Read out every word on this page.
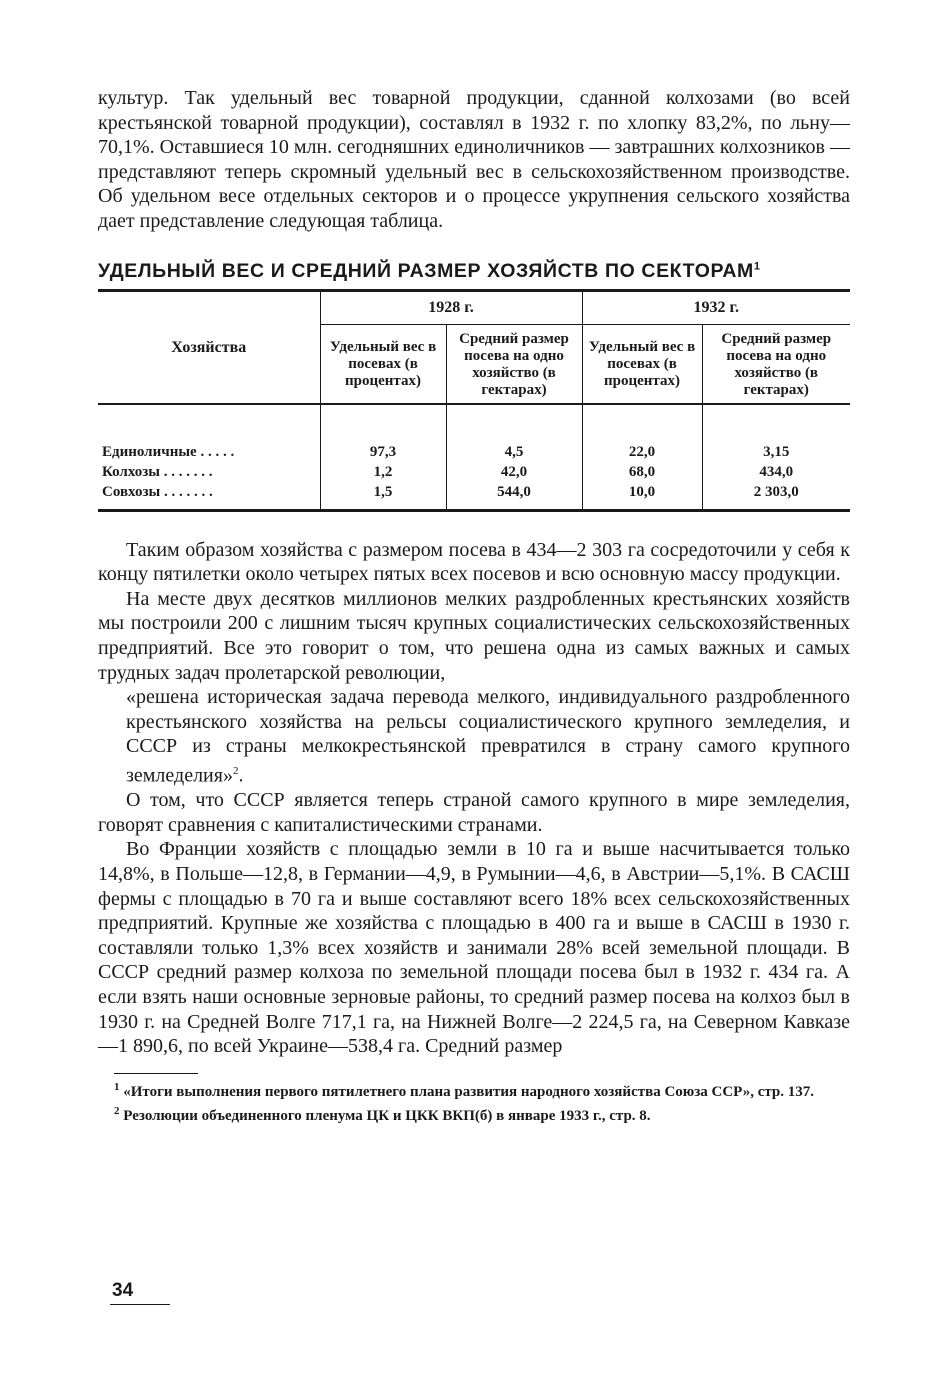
культур. Так удельный вес товарной продукции, сданной колхозами (во всей крестьянской товарной продукции), составлял в 1932 г. по хлопку 83,2%, по льну—70,1%. Оставшиеся 10 млн. сегодняшних единоличников — завтрашних колхозников — представляют теперь скромный удельный вес в сельскохозяйственном производстве. Об удельном весе отдельных секторов и о процессе укрупнения сельского хозяйства дает представление следующая таблица.

УДЕЛЬНЫЙ ВЕС И СРЕДНИЙ РАЗМЕР ХОЗЯЙСТВ ПО СЕКТОРАМ$^1$

Хозяйства	1928 г.		1932 г.	
	Удельный вес в посевах (в процентах)	Средний размер посева на одно хозяйство (в гектарах)	Удельный вес в посевах (в процентах)	Средний размер посева на одно хозяйство (в гектарах)

Единоличные . . . . .	97,3	4,5	22,0	3,15
Колхозы . . . . . . .	1,2	42,0	68,0	434,0
Совхозы . . . . . . .	1,5	544,0	10,0	2 303,0

Таким образом хозяйства с размером посева в 434—2 303 га сосредоточили у себя к концу пятилетки около четырех пятых всех посевов и всю основную массу продукции.

На месте двух десятков миллионов мелких раздробленных крестьянских хозяйств мы построили 200 с лишним тысяч крупных социалистических сельскохозяйственных предприятий. Все это говорит о том, что решена одна из самых важных и самых трудных задач пролетарской революции,

«решена историческая задача перевода мелкого, индивидуального раздробленного крестьянского хозяйства на рельсы социалистического крупного земледелия, и СССР из страны мелкокрестьянской превратился в страну самого крупного земледелия»$^2$.

О том, что СССР является теперь страной самого крупного в мире земледелия, говорят сравнения с капиталистическими странами.

Во Франции хозяйств с площадью земли в 10 га и выше насчитывается только 14,8%, в Польше—12,8, в Германии—4,9, в Румынии—4,6, в Австрии—5,1%. В САСШ фермы с площадью в 70 га и выше составляют всего 18% всех сельскохозяйственных предприятий. Крупные же хозяйства с площадью в 400 га и выше в САСШ в 1930 г. составляли только 1,3% всех хозяйств и занимали 28% всей земельной площади. В СССР средний размер колхоза по земельной площади посева был в 1932 г. 434 га. А если взять наши основные зерновые районы, то средний размер посева на колхоз был в 1930 г. на Средней Волге 717,1 га, на Нижней Волге—2 224,5 га, на Северном Кавказе—1 890,6, по всей Украине—538,4 га. Средний размер

$^1$ «Итоги выполнения первого пятилетнего плана развития народного хозяйства Союза ССР», стр. 137.

$^2$ Резолюции объединенного пленума ЦК и ЦКК ВКП(б) в январе 1933 г., стр. 8.

34
